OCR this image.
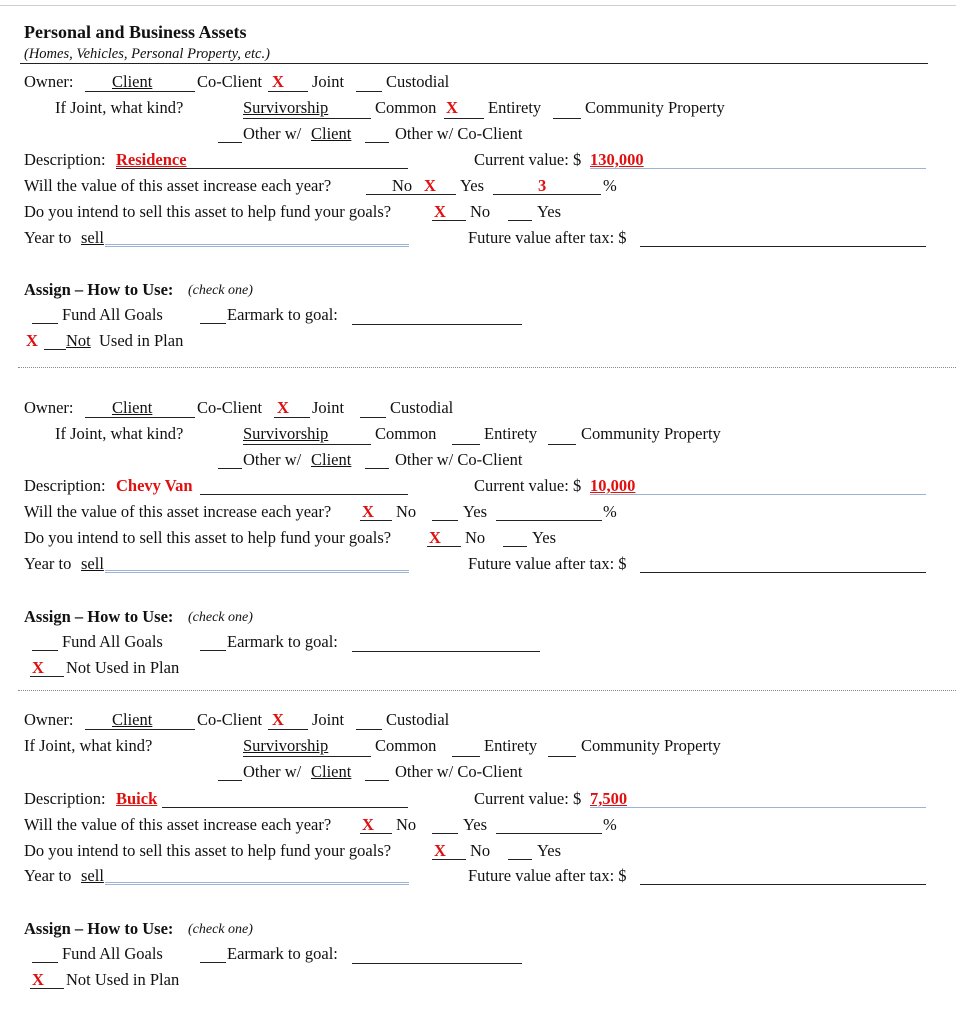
Personal and Business Assets
(Homes, Vehicles, Personal Property, etc.)
Owner: Client	Co-Client X Joint	Custodial
If Joint, what kind?	Survivorship	Common X Entirety	Community Property
Other w/ Client	Other w/ Co-Client
Description: Residence	Current value: $ 130,000
Will the value of this asset increase each year?	No X Yes	3	%
Do you intend to sell this asset to help fund your goals?	X No	Yes
Year to sell	Future value after tax: $
Assign – How to Use: (check one)
Fund All Goals	Earmark to goal:
X Not Used in Plan
Owner: Client	Co-Client X Joint	Custodial
If Joint, what kind?	Survivorship	Common	Entirety	Community Property
Other w/ Client	Other w/ Co-Client
Description: Chevy Van	Current value: $ 10,000
Will the value of this asset increase each year? X No	Yes	%
Do you intend to sell this asset to help fund your goals? X No	Yes
Year to sell	Future value after tax: $
Assign – How to Use: (check one)
Fund All Goals	Earmark to goal:
X Not Used in Plan
Owner: Client	Co-Client X Joint	Custodial
If Joint, what kind?	Survivorship	Common	Entirety	Community Property
Other w/ Client	Other w/ Co-Client
Description: Buick	Current value: $ 7,500
Will the value of this asset increase each year? X No	Yes	%
Do you intend to sell this asset to help fund your goals?	X No	Yes
Year to sell	Future value after tax: $
Assign – How to Use: (check one)
Fund All Goals	Earmark to goal:
X Not Used in Plan
